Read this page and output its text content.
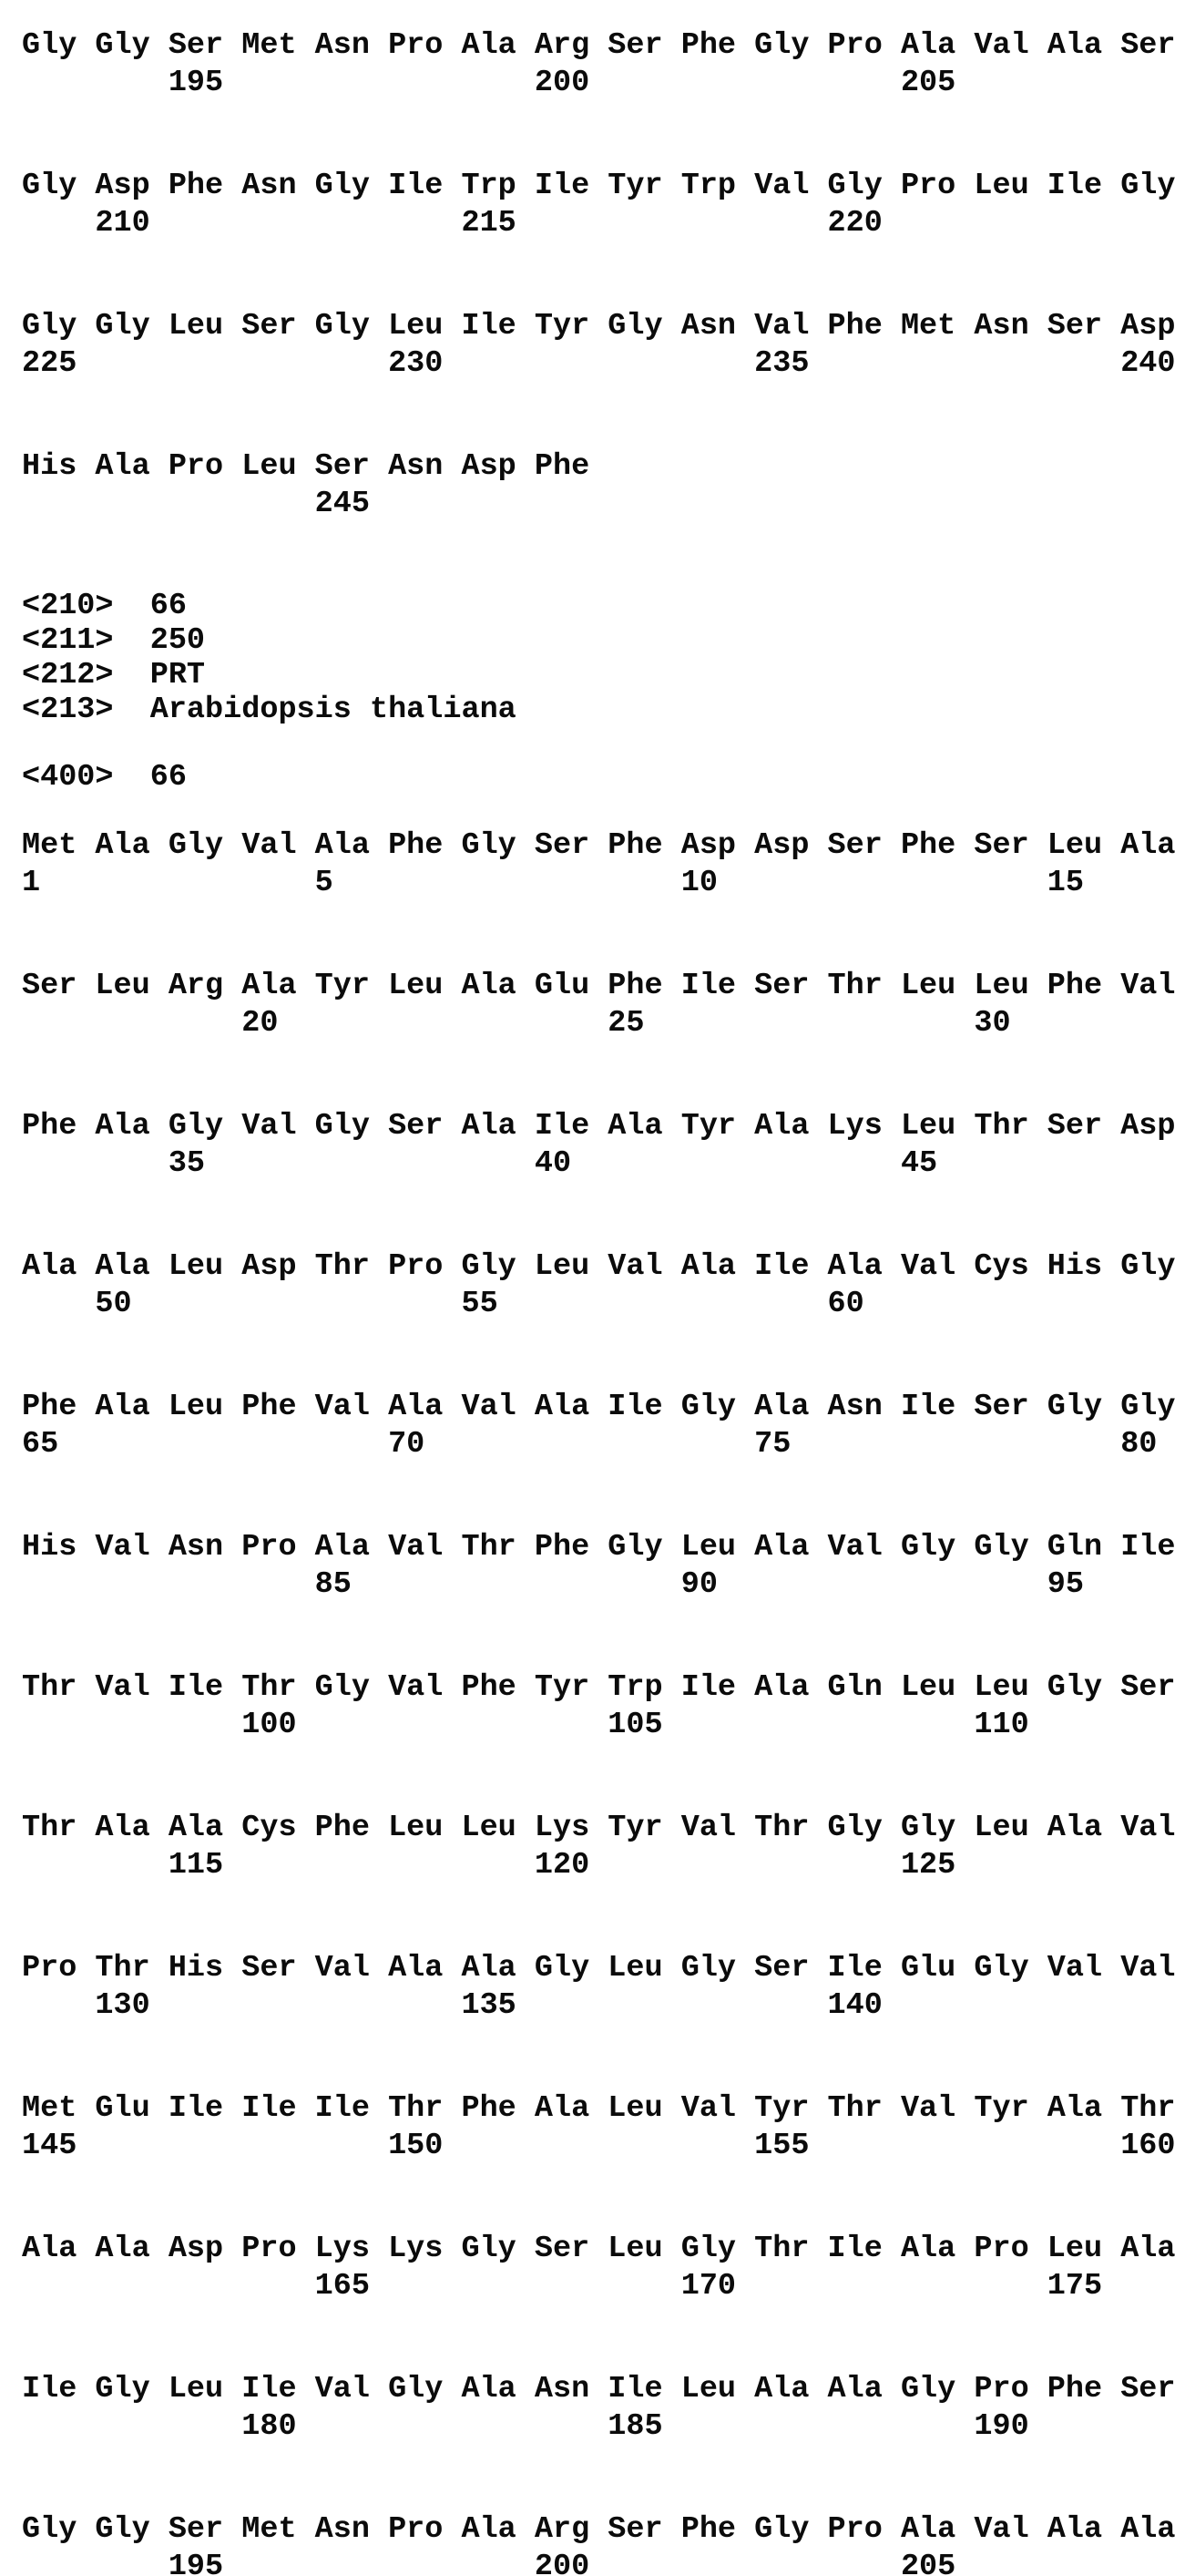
Gly Gly Ser Met Asn Pro Ala Arg Ser Phe Gly Pro Ala Val Ala Ser
195                 200                 205
Gly Asp Phe Asn Gly Ile Trp Ile Tyr Trp Val Gly Pro Leu Ile Gly
210                 215                 220
Gly Gly Leu Ser Gly Leu Ile Tyr Gly Asn Val Phe Met Asn Ser Asp
225                 230                 235                 240
His Ala Pro Leu Ser Asn Asp Phe
245
<210>  66
<211>  250
<212>  PRT
<213>  Arabidopsis thaliana
<400>  66
Met Ala Gly Val Ala Phe Gly Ser Phe Asp Asp Ser Phe Ser Leu Ala
1               5                   10                  15
Ser Leu Arg Ala Tyr Leu Ala Glu Phe Ile Ser Thr Leu Leu Phe Val
20                  25                  30
Phe Ala Gly Val Gly Ser Ala Ile Ala Tyr Ala Lys Leu Thr Ser Asp
35                  40                  45
Ala Ala Leu Asp Thr Pro Gly Leu Val Ala Ile Ala Val Cys His Gly
50                  55                  60
Phe Ala Leu Phe Val Ala Val Ala Ile Gly Ala Asn Ile Ser Gly Gly
65                  70                  75                  80
His Val Asn Pro Ala Val Thr Phe Gly Leu Ala Val Gly Gly Gln Ile
85                  90                  95
Thr Val Ile Thr Gly Val Phe Tyr Trp Ile Ala Gln Leu Leu Gly Ser
100                 105                 110
Thr Ala Ala Cys Phe Leu Leu Lys Tyr Val Thr Gly Gly Leu Ala Val
115                 120                 125
Pro Thr His Ser Val Ala Ala Gly Leu Gly Ser Ile Glu Gly Val Val
130                 135                 140
Met Glu Ile Ile Ile Thr Phe Ala Leu Val Tyr Thr Val Tyr Ala Thr
145                 150                 155                 160
Ala Ala Asp Pro Lys Lys Gly Ser Leu Gly Thr Ile Ala Pro Leu Ala
165                 170                 175
Ile Gly Leu Ile Val Gly Ala Asn Ile Leu Ala Ala Gly Pro Phe Ser
180                 185                 190
Gly Gly Ser Met Asn Pro Ala Arg Ser Phe Gly Pro Ala Val Ala Ala
195                 200                 205
